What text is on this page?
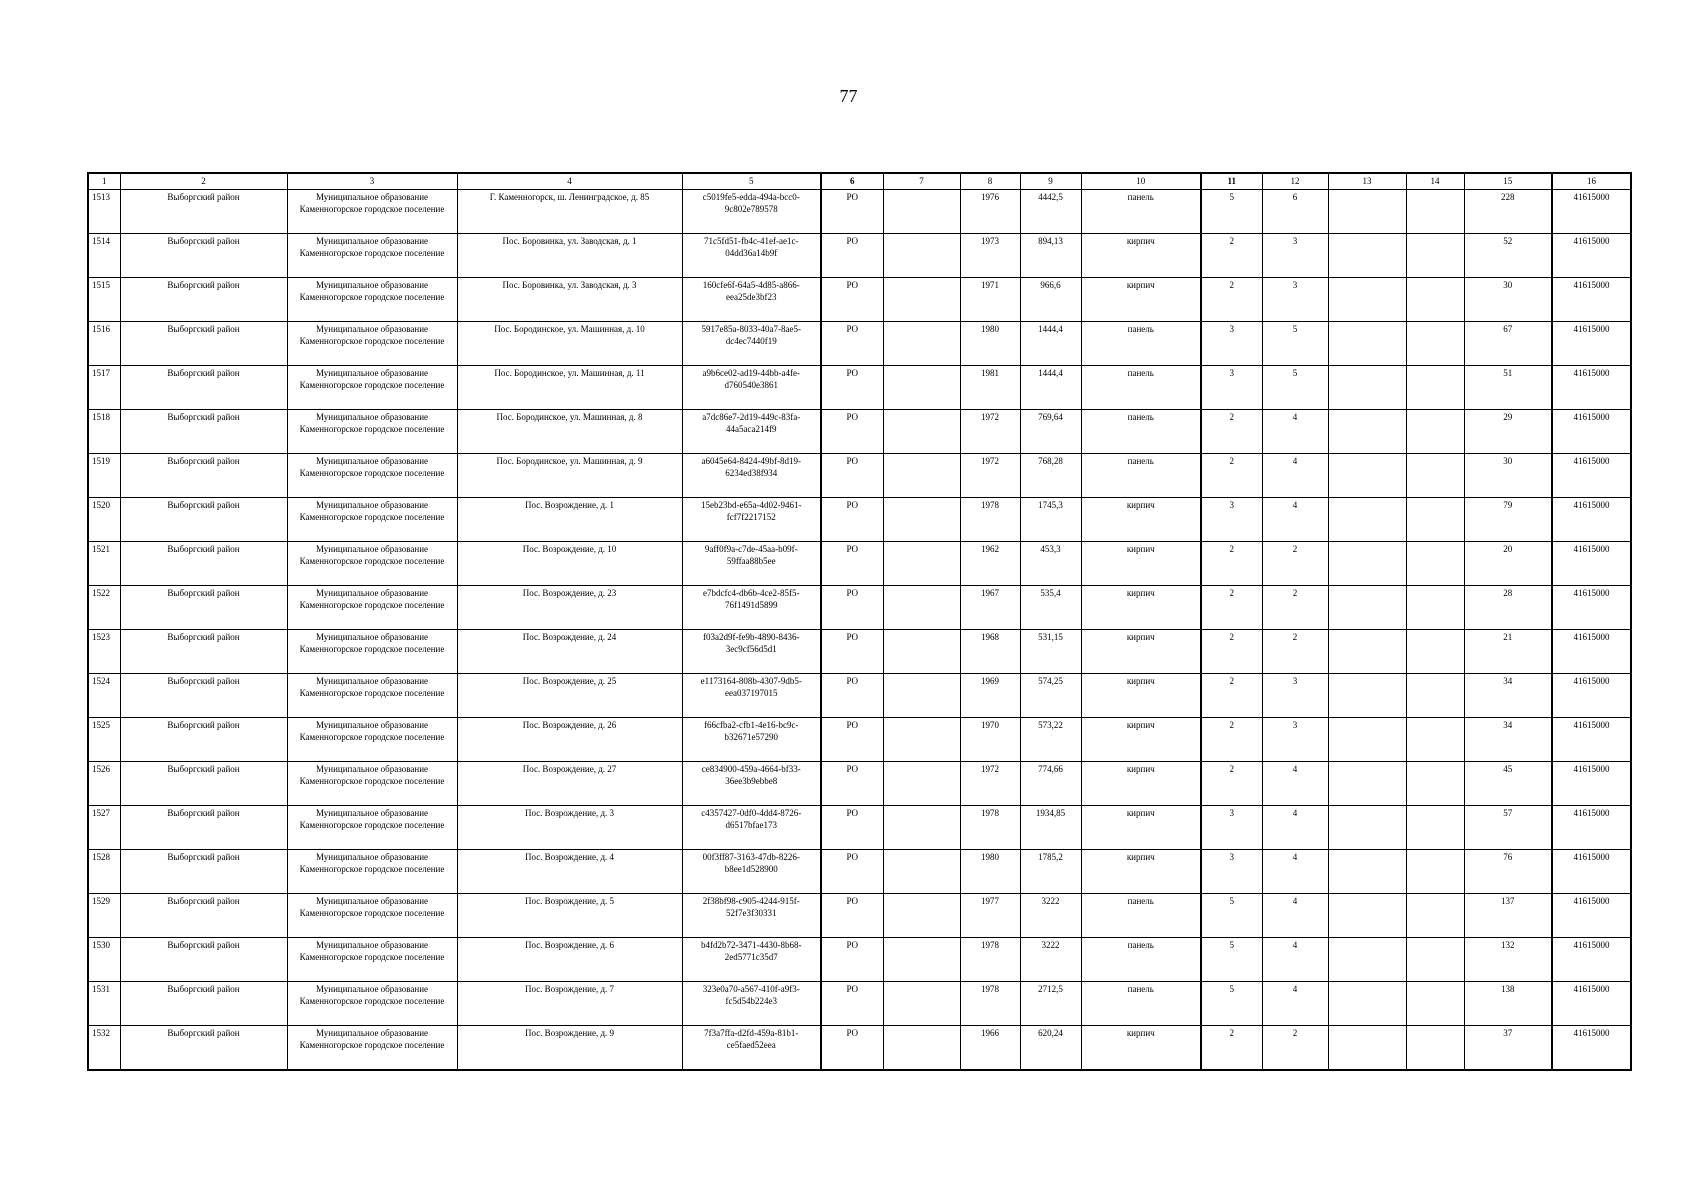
77
1	2	3	4	5	6	7	8	9	10	11	12	13	14	15	16
1513	Выборгский район	Муниципальное образование Каменногорское городское поселение	Г. Каменногорск, ш. Ленинградское, д. 85	c5019fe5-edda-494a-bcc0-9c802e789578	РО		1976	4442,5	панель	5	6			228	41615000
1514	Выборгский район	Муниципальное образование Каменногорское городское поселение	Пос. Боровинка, ул. Заводская, д. 1	71c5fd51-fb4c-41ef-ae1c-04dd36a14b9f	РО		1973	894,13	кирпич	2	3			52	41615000
1515	Выборгский район	Муниципальное образование Каменногорское городское поселение	Пос. Боровинка, ул. Заводская, д. 3	160cfe6f-64a5-4d85-a866-eea25de3bf23	РО		1971	966,6	кирпич	2	3			30	41615000
1516	Выборгский район	Муниципальное образование Каменногорское городское поселение	Пос. Бородинское, ул. Машинная, д. 10	5917e85a-8033-40a7-8ae5-dc4ec7440f19	РО		1980	1444,4	панель	3	5			67	41615000
1517	Выборгский район	Муниципальное образование Каменногорское городское поселение	Пос. Бородинское, ул. Машинная, д. 11	a9b6ce02-ad19-44bb-a4fe-d760540e3861	РО		1981	1444,4	панель	3	5			51	41615000
1518	Выборгский район	Муниципальное образование Каменногорское городское поселение	Пос. Бородинское, ул. Машинная, д. 8	a7dc86e7-2d19-449c-83fa-44a5aca214f9	РО		1972	769,64	панель	2	4			29	41615000
1519	Выборгский район	Муниципальное образование Каменногорское городское поселение	Пос. Бородинское, ул. Машинная, д. 9	a6045e64-8424-49bf-8d19-6234ed38f934	РО		1972	768,28	панель	2	4			30	41615000
1520	Выборгский район	Муниципальное образование Каменногорское городское поселение	Пос. Возрождение, д. 1	15eb23bd-e65a-4d02-9461-fcf7f2217152	РО		1978	1745,3	кирпич	3	4			79	41615000
1521	Выборгский район	Муниципальное образование Каменногорское городское поселение	Пос. Возрождение, д. 10	9aff0f9a-c7de-45aa-b09f-59ffaa88b5ee	РО		1962	453,3	кирпич	2	2			20	41615000
1522	Выборгский район	Муниципальное образование Каменногорское городское поселение	Пос. Возрождение, д. 23	e7bdcfc4-db6b-4ce2-85f5-76f1491d5899	РО		1967	535,4	кирпич	2	2			28	41615000
1523	Выборгский район	Муниципальное образование Каменногорское городское поселение	Пос. Возрождение, д. 24	f03a2d9f-fe9b-4890-8436-3ec9cf56d5d1	РО		1968	531,15	кирпич	2	2			21	41615000
1524	Выборгский район	Муниципальное образование Каменногорское городское поселение	Пос. Возрождение, д. 25	e1173164-808b-4307-9db5-eea037197015	РО		1969	574,25	кирпич	2	3			34	41615000
1525	Выборгский район	Муниципальное образование Каменногорское городское поселение	Пос. Возрождение, д. 26	f66cfba2-cfb1-4e16-bc9c-b32671e57290	РО		1970	573,22	кирпич	2	3			34	41615000
1526	Выборгский район	Муниципальное образование Каменногорское городское поселение	Пос. Возрождение, д. 27	ce834900-459a-4664-bf33-36ee3b9ebbe8	РО		1972	774,66	кирпич	2	4			45	41615000
1527	Выборгский район	Муниципальное образование Каменногорское городское поселение	Пос. Возрождение, д. 3	c4357427-0df0-4dd4-8726-d6517bfae173	РО		1978	1934,85	кирпич	3	4			57	41615000
1528	Выборгский район	Муниципальное образование Каменногорское городское поселение	Пос. Возрождение, д. 4	00f3ff87-3163-47db-8226-b8ee1d528900	РО		1980	1785,2	кирпич	3	4			76	41615000
1529	Выборгский район	Муниципальное образование Каменногорское городское поселение	Пос. Возрождение, д. 5	2f38bf98-c905-4244-915f-52f7e3f30331	РО		1977	3222	панель	5	4			137	41615000
1530	Выборгский район	Муниципальное образование Каменногорское городское поселение	Пос. Возрождение, д. 6	b4fd2b72-3471-4430-8b68-2ed5771c35d7	РО		1978	3222	панель	5	4			132	41615000
1531	Выборгский район	Муниципальное образование Каменногорское городское поселение	Пос. Возрождение, д. 7	323e0a70-a567-410f-a9f3-fc5d54b224e3	РО		1978	2712,5	панель	5	4			138	41615000
1532	Выборгский район	Муниципальное образование Каменногорское городское поселение	Пос. Возрождение, д. 9	7f3a7ffa-d2fd-459a-81b1-ce5faed52eea	РО		1966	620,24	кирпич	2	2			37	41615000
